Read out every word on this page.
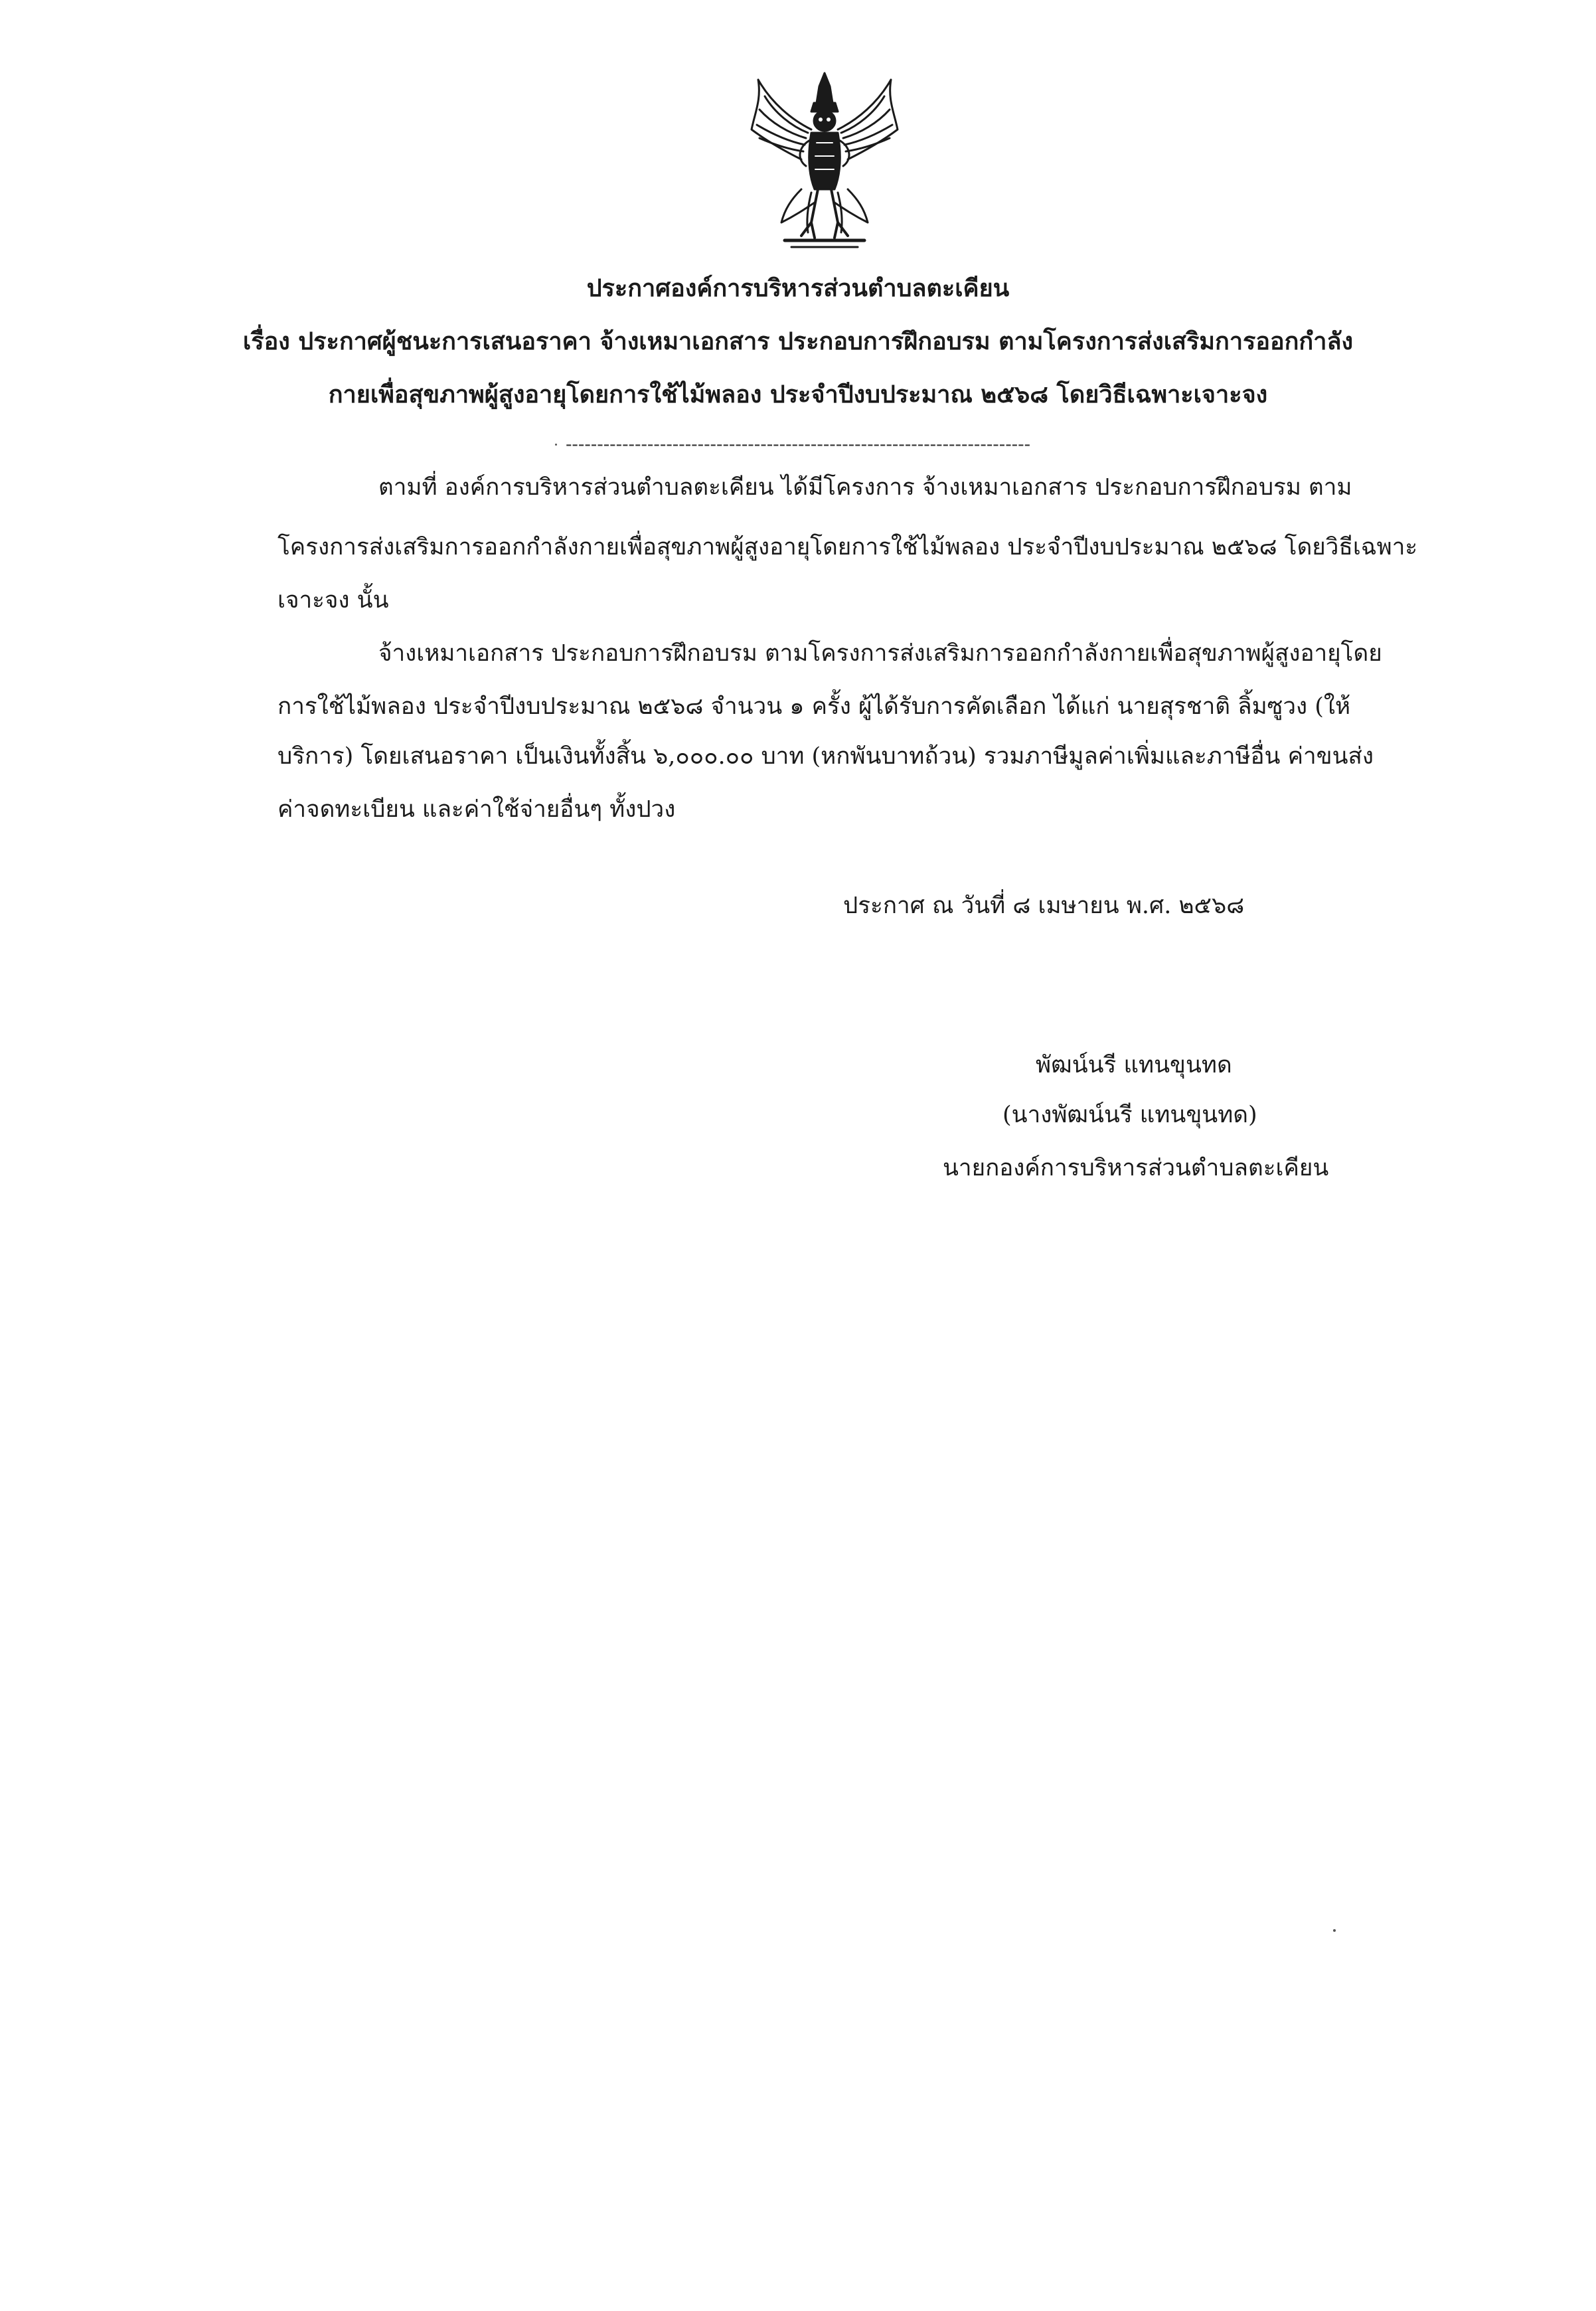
ประกาศองค์การบริหารส่วนตำบลตะเคียน
เรื่อง ประกาศผู้ชนะการเสนอราคา จ้างเหมาเอกสาร ประกอบการฝึกอบรม ตามโครงการส่งเสริมการออกกำลัง
กายเพื่อสุขภาพผู้สูงอายุโดยการใช้ไม้พลอง ประจำปีงบประมาณ ๒๕๖๘ โดยวิธีเฉพาะเจาะจง
--------------------------------------------------------------------------
ตามที่ องค์การบริหารส่วนตำบลตะเคียน ได้มีโครงการ จ้างเหมาเอกสาร ประกอบการฝึกอบรม ตาม
โครงการส่งเสริมการออกกำลังกายเพื่อสุขภาพผู้สูงอายุโดยการใช้ไม้พลอง ประจำปีงบประมาณ ๒๕๖๘ โดยวิธีเฉพาะ
เจาะจง นั้น
จ้างเหมาเอกสาร ประกอบการฝึกอบรม ตามโครงการส่งเสริมการออกกำลังกายเพื่อสุขภาพผู้สูงอายุโดย
การใช้ไม้พลอง ประจำปีงบประมาณ ๒๕๖๘ จำนวน ๑ ครั้ง ผู้ได้รับการคัดเลือก ได้แก่ นายสุรชาติ ลิ้มซูวง (ให้
บริการ) โดยเสนอราคา เป็นเงินทั้งสิ้น ๖,๐๐๐.๐๐ บาท (หกพันบาทถ้วน) รวมภาษีมูลค่าเพิ่มและภาษีอื่น ค่าขนส่ง
ค่าจดทะเบียน และค่าใช้จ่ายอื่นๆ ทั้งปวง
ประกาศ ณ วันที่ ๘ เมษายน พ.ศ. ๒๕๖๘
พัฒน์นรี แทนขุนทด
(นางพัฒน์นรี แทนขุนทด)
นายกองค์การบริหารส่วนตำบลตะเคียน
